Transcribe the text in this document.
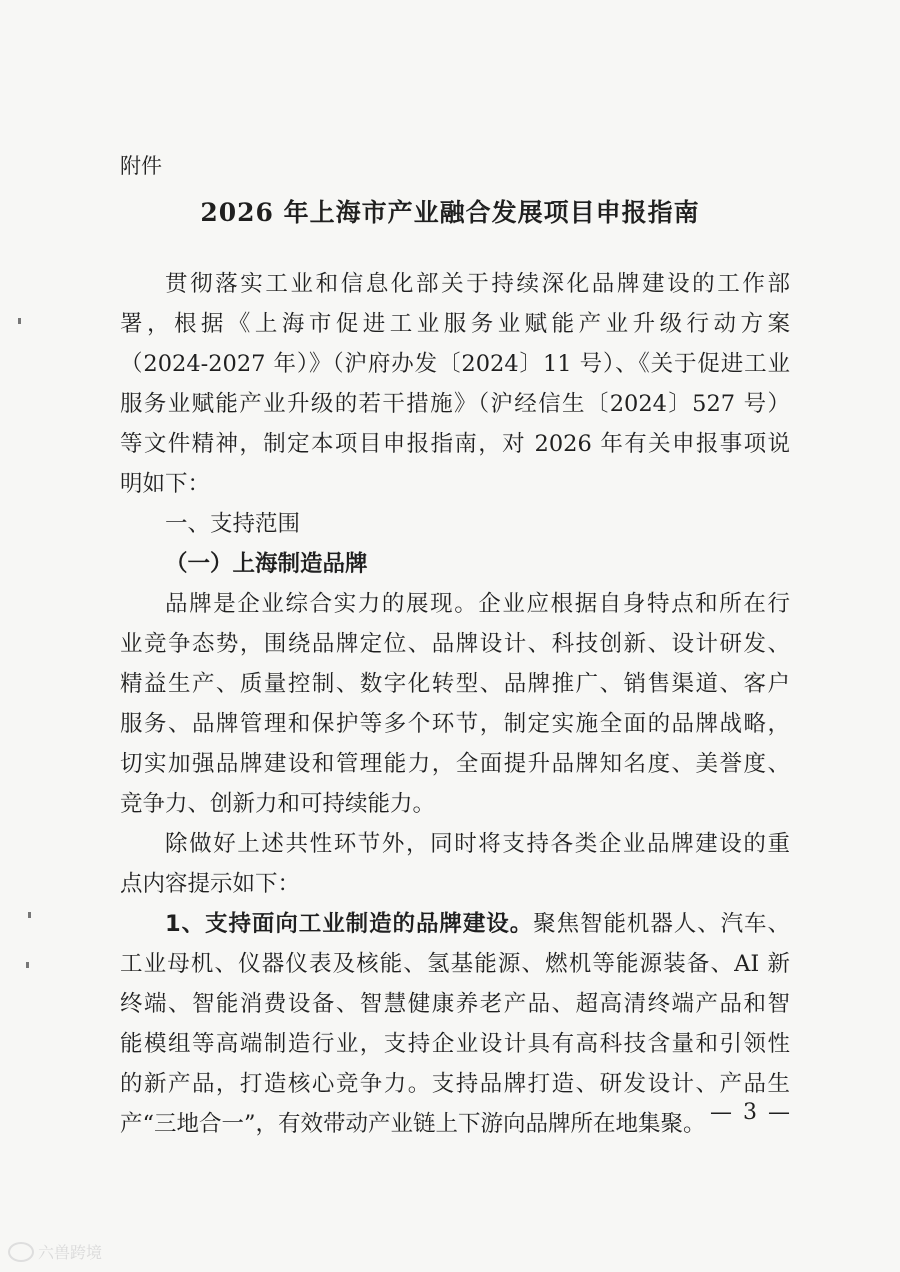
附件
2026 年上海市产业融合发展项目申报指南
贯彻落实工业和信息化部关于持续深化品牌建设的工作部
署，根据《上海市促进工业服务业赋能产业升级行动方案
（2024-2027 年）》（沪府办发〔2024〕11 号）、《关于促进工业
服务业赋能产业升级的若干措施》（沪经信生〔2024〕527 号）
等文件精神，制定本项目申报指南，对 2026 年有关申报事项说
明如下：
一、支持范围
（一）上海制造品牌
品牌是企业综合实力的展现。企业应根据自身特点和所在行
业竞争态势，围绕品牌定位、品牌设计、科技创新、设计研发、
精益生产、质量控制、数字化转型、品牌推广、销售渠道、客户
服务、品牌管理和保护等多个环节，制定实施全面的品牌战略，
切实加强品牌建设和管理能力，全面提升品牌知名度、美誉度、
竞争力、创新力和可持续能力。
除做好上述共性环节外，同时将支持各类企业品牌建设的重
点内容提示如下：
1、支持面向工业制造的品牌建设。聚焦智能机器人、汽车、
工业母机、仪器仪表及核能、氢基能源、燃机等能源装备、AI 新
终端、智能消费设备、智慧健康养老产品、超高清终端产品和智
能模组等高端制造行业，支持企业设计具有高科技含量和引领性
的新产品，打造核心竞争力。支持品牌打造、研发设计、产品生
产“三地合一”，有效带动产业链上下游向品牌所在地集聚。 — 3 —
六兽跨境
